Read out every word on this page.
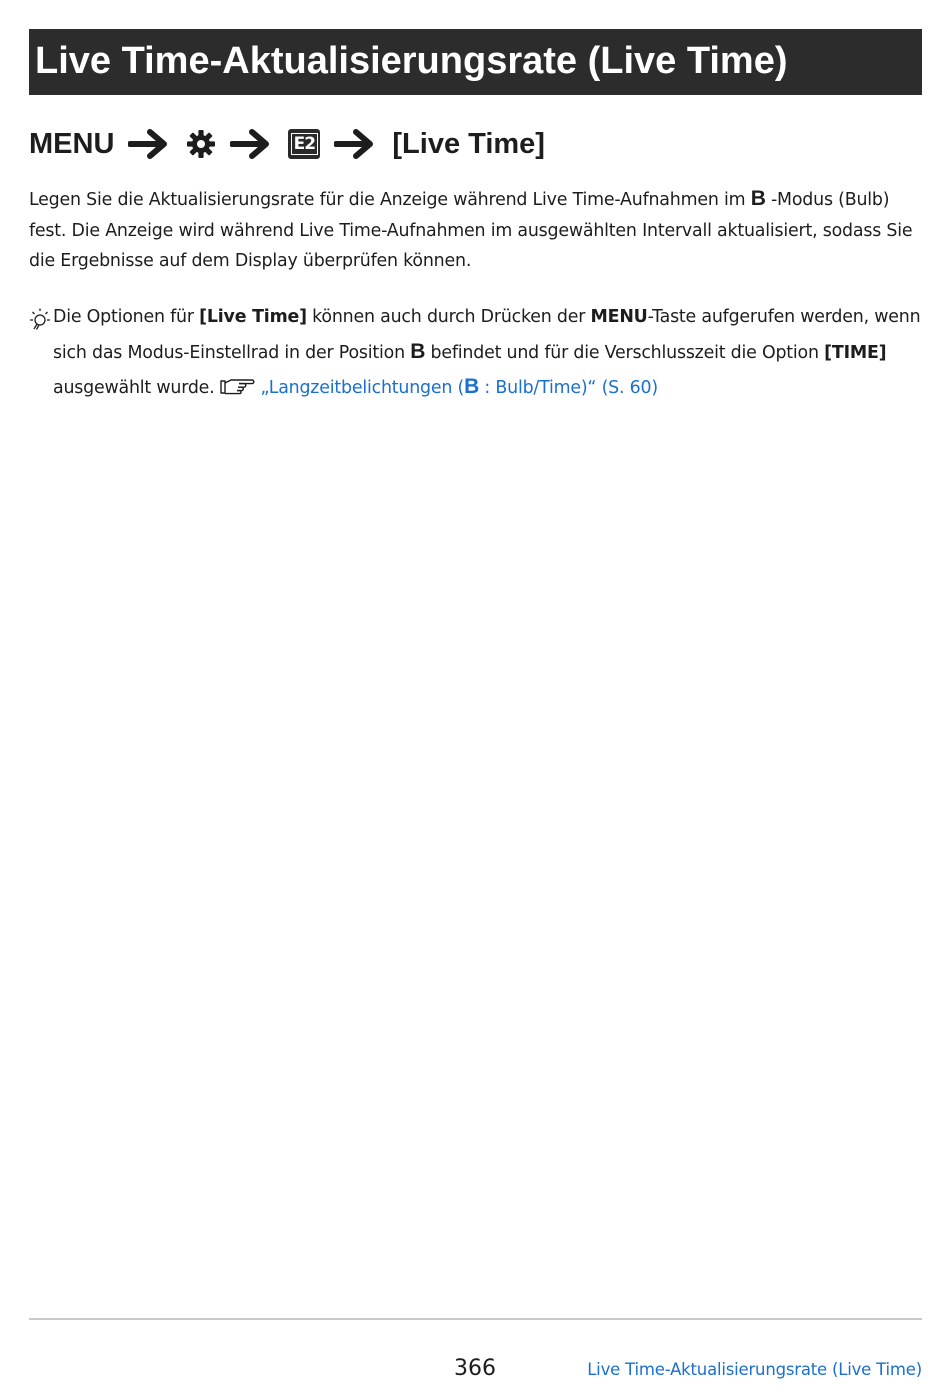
Live Time-Aktualisierungsrate (Live Time)
MENU	E2	[Live Time]

Legen Sie die Aktualisierungsrate für die Anzeige während Live Time-Aufnahmen im B -Modus (Bulb) fest. Die Anzeige wird während Live Time-Aufnahmen im ausgewählten Intervall aktualisiert, sodass Sie die Ergebnisse auf dem Display überprüfen können.

Die Optionen für [Live Time] können auch durch Drücken der MENU-Taste aufgerufen werden, wenn sich das Modus-Einstellrad in der Position B befindet und für die Verschlusszeit die Option [TIME] ausgewählt wurde.	„Langzeitbelichtungen (B : Bulb/Time)“ (S. 60)

366	Live Time-Aktualisierungsrate (Live Time)
